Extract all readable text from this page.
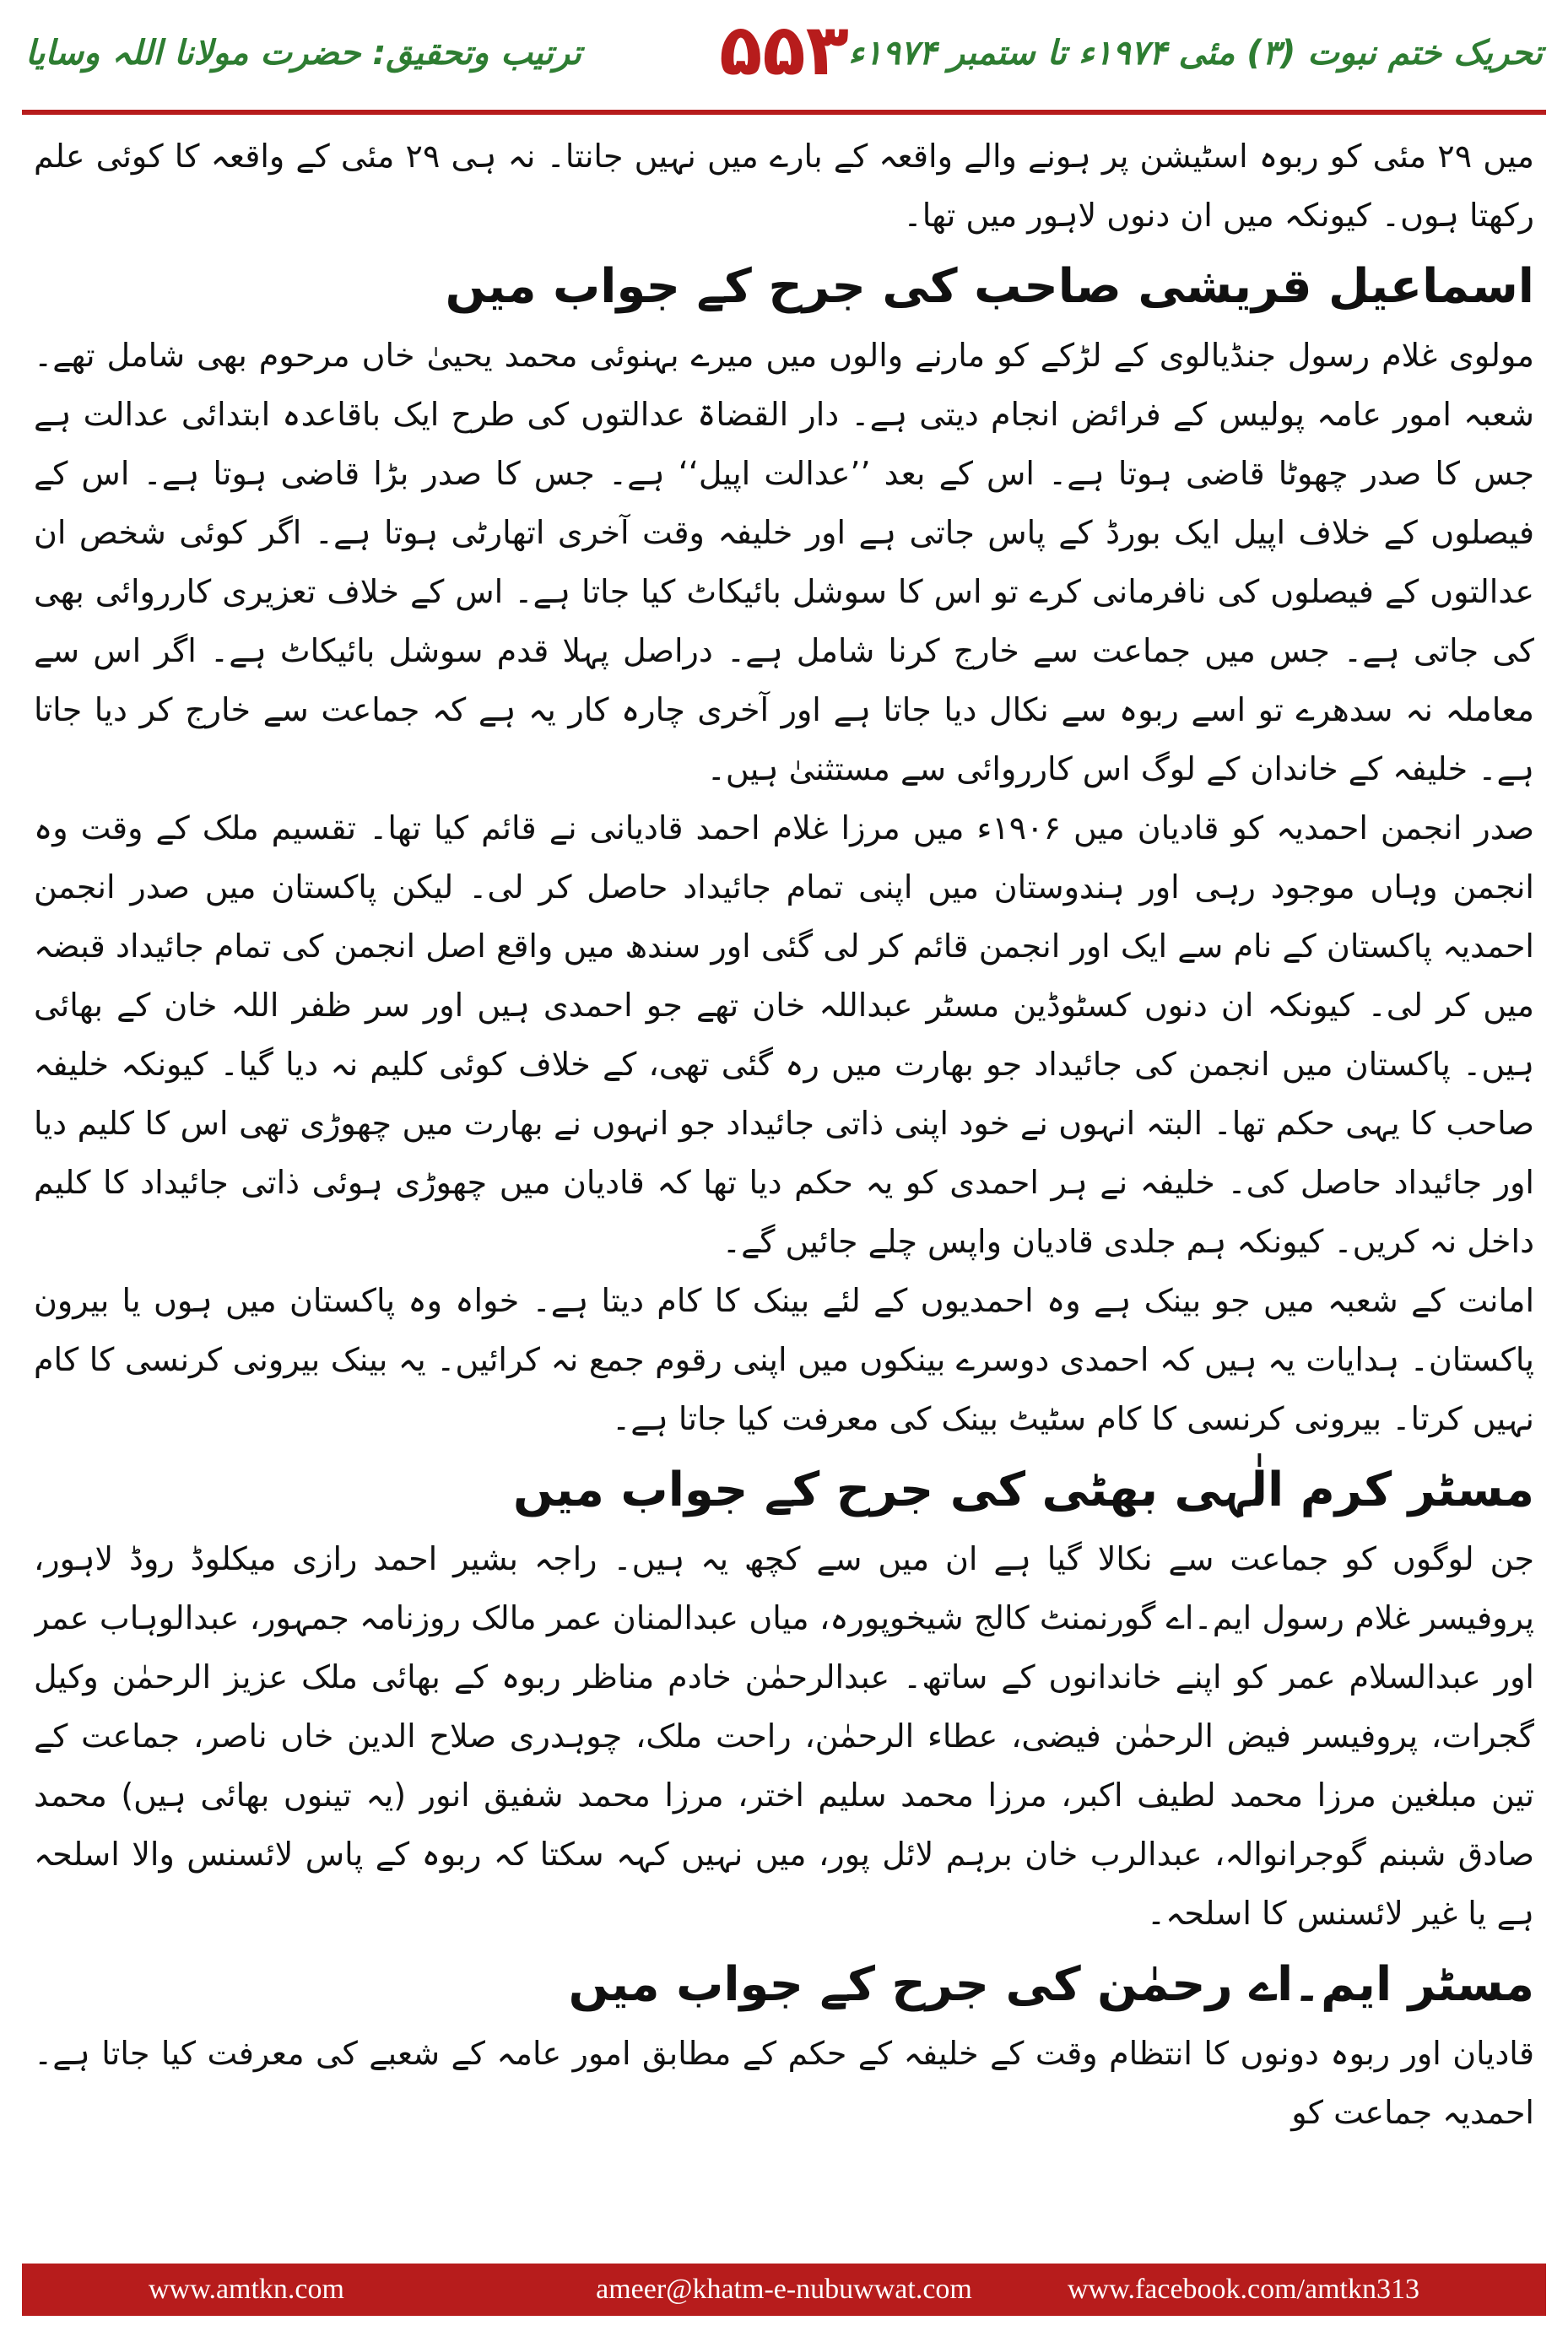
ترتیب وتحقیق: حضرت مولانا اللہ وسایا	۵۵۳ تحریک ختم نبوت (۳) مئی ۱۹۷۴ء تا ستمبر ۱۹۷۴ء

میں ۲۹ مئی کو ربوہ اسٹیشن پر ہونے والے واقعہ کے بارے میں نہیں جانتا۔ نہ ہی ۲۹ مئی کے واقعہ کا کوئی علم رکھتا ہوں۔ کیونکہ میں ان دنوں لاہور میں تھا۔

اسماعیل قریشی صاحب کی جرح کے جواب میں

مولوی غلام رسول جنڈیالوی کے لڑکے کو مارنے والوں میں میرے بہنوئی محمد یحییٰ خاں مرحوم بھی شامل تھے۔ شعبہ امور عامہ پولیس کے فرائض انجام دیتی ہے۔ دار القضاۃ عدالتوں کی طرح ایک باقاعدہ ابتدائی عدالت ہے جس کا صدر چھوٹا قاضی ہوتا ہے۔ اس کے بعد ’’عدالت اپیل‘‘ ہے۔ جس کا صدر بڑا قاضی ہوتا ہے۔ اس کے فیصلوں کے خلاف اپیل ایک بورڈ کے پاس جاتی ہے اور خلیفہ وقت آخری اتھارٹی ہوتا ہے۔ اگر کوئی شخص ان عدالتوں کے فیصلوں کی نافرمانی کرے تو اس کا سوشل بائیکاٹ کیا جاتا ہے۔ اس کے خلاف تعزیری کارروائی بھی کی جاتی ہے۔ جس میں جماعت سے خارج کرنا شامل ہے۔ دراصل پہلا قدم سوشل بائیکاٹ ہے۔ اگر اس سے معاملہ نہ سدھرے تو اسے ربوہ سے نکال دیا جاتا ہے اور آخری چارہ کار یہ ہے کہ جماعت سے خارج کر دیا جاتا ہے۔ خلیفہ کے خاندان کے لوگ اس کارروائی سے مستثنیٰ ہیں۔

صدر انجمن احمدیہ کو قادیان میں ۱۹۰۶ء میں مرزا غلام احمد قادیانی نے قائم کیا تھا۔ تقسیم ملک کے وقت وہ انجمن وہاں موجود رہی اور ہندوستان میں اپنی تمام جائیداد حاصل کر لی۔ لیکن پاکستان میں صدر انجمن احمدیہ پاکستان کے نام سے ایک اور انجمن قائم کر لی گئی اور سندھ میں واقع اصل انجمن کی تمام جائیداد قبضہ میں کر لی۔ کیونکہ ان دنوں کسٹوڈین مسٹر عبداللہ خان تھے جو احمدی ہیں اور سر ظفر اللہ خان کے بھائی ہیں۔ پاکستان میں انجمن کی جائیداد جو بھارت میں رہ گئی تھی، کے خلاف کوئی کلیم نہ دیا گیا۔ کیونکہ خلیفہ صاحب کا یہی حکم تھا۔ البتہ انہوں نے خود اپنی ذاتی جائیداد جو انہوں نے بھارت میں چھوڑی تھی اس کا کلیم دیا اور جائیداد حاصل کی۔ خلیفہ نے ہر احمدی کو یہ حکم دیا تھا کہ قادیان میں چھوڑی ہوئی ذاتی جائیداد کا کلیم داخل نہ کریں۔ کیونکہ ہم جلدی قادیان واپس چلے جائیں گے۔

امانت کے شعبہ میں جو بینک ہے وہ احمدیوں کے لئے بینک کا کام دیتا ہے۔ خواہ وہ پاکستان میں ہوں یا بیرون پاکستان۔ ہدایات یہ ہیں کہ احمدی دوسرے بینکوں میں اپنی رقوم جمع نہ کرائیں۔ یہ بینک بیرونی کرنسی کا کام نہیں کرتا۔ بیرونی کرنسی کا کام سٹیٹ بینک کی معرفت کیا جاتا ہے۔

مسٹر کرم الٰہی بھٹی کی جرح کے جواب میں

جن لوگوں کو جماعت سے نکالا گیا ہے ان میں سے کچھ یہ ہیں۔ راجہ بشیر احمد رازی میکلوڈ روڈ لاہور، پروفیسر غلام رسول ایم۔اے گورنمنٹ کالج شیخوپورہ، میاں عبدالمنان عمر مالک روزنامہ جمہور، عبدالوہاب عمر اور عبدالسلام عمر کو اپنے خاندانوں کے ساتھ۔ عبدالرحمٰن خادم مناظر ربوہ کے بھائی ملک عزیز الرحمٰن وکیل گجرات، پروفیسر فیض الرحمٰن فیضی، عطاء الرحمٰن، راحت ملک، چوہدری صلاح الدین خاں ناصر، جماعت کے تین مبلغین مرزا محمد لطیف اکبر، مرزا محمد سلیم اختر، مرزا محمد شفیق انور (یہ تینوں بھائی ہیں) محمد صادق شبنم گوجرانوالہ، عبدالرب خان برہم لائل پور، میں نہیں کہہ سکتا کہ ربوہ کے پاس لائسنس والا اسلحہ ہے یا غیر لائسنس کا اسلحہ۔

مسٹر ایم۔اے رحمٰن کی جرح کے جواب میں

قادیان اور ربوہ دونوں کا انتظام وقت کے خلیفہ کے حکم کے مطابق امور عامہ کے شعبے کی معرفت کیا جاتا ہے۔ احمدیہ جماعت کو

www.amtkn.com	ameer@khatm-e-nubuwwat.com	www.facebook.com/amtkn313
